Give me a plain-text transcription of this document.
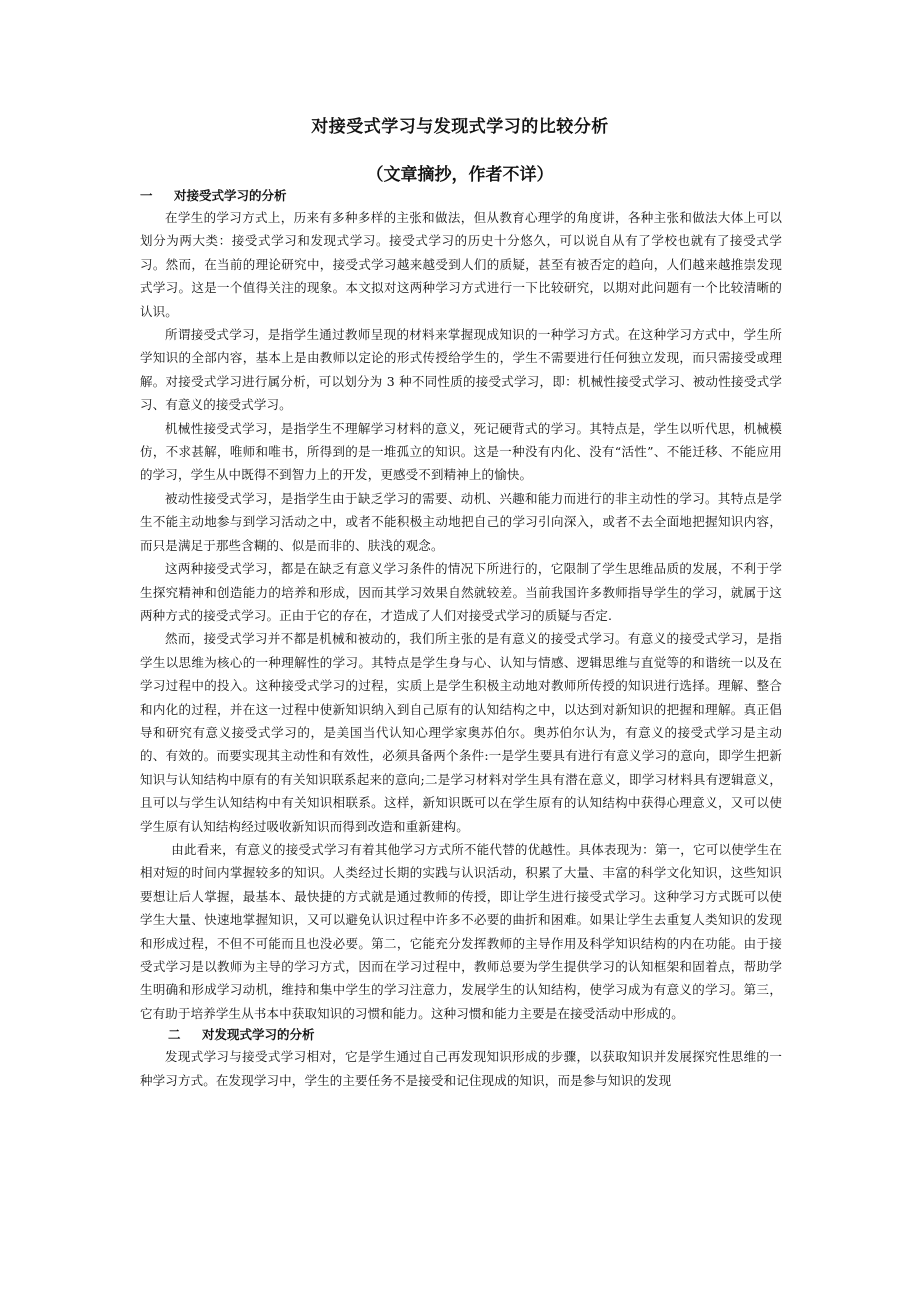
对接受式学习与发现式学习的比较分析
（文章摘抄，作者不详）
一 对接受式学习的分析

在学生的学习方式上，历来有多种多样的主张和做法，但从教育心理学的角度讲，各种主张和做法大体上可以划分为两大类：接受式学习和发现式学习。接受式学习的历史十分悠久，可以说自从有了学校也就有了接受式学习。然而，在当前的理论研究中，接受式学习越来越受到人们的质疑，甚至有被否定的趋向，人们越来越推崇发现式学习。这是一个值得关注的现象。本文拟对这两种学习方式进行一下比较研究，以期对此问题有一个比较清晰的认识。

所谓接受式学习，是指学生通过教师呈现的材料来掌握现成知识的一种学习方式。在这种学习方式中，学生所学知识的全部内容，基本上是由教师以定论的形式传授给学生的，学生不需要进行任何独立发现，而只需接受或理解。对接受式学习进行属分析，可以划分为 3 种不同性质的接受式学习，即：机械性接受式学习、被动性接受式学习、有意义的接受式学习。

机械性接受式学习，是指学生不理解学习材料的意义，死记硬背式的学习。其特点是，学生以听代思，机械模仿，不求甚解，唯师和唯书，所得到的是一堆孤立的知识。这是一种没有内化、没有“活性”、不能迁移、不能应用的学习，学生从中既得不到智力上的开发，更感受不到精神上的愉快。

被动性接受式学习，是指学生由于缺乏学习的需要、动机、兴趣和能力而进行的非主动性的学习。其特点是学生不能主动地参与到学习活动之中，或者不能积极主动地把自己的学习引向深入，或者不去全面地把握知识内容，而只是满足于那些含糊的、似是而非的、肤浅的观念。

这两种接受式学习，都是在缺乏有意义学习条件的情况下所进行的，它限制了学生思维品质的发展，不利于学生探究精神和创造能力的培养和形成，因而其学习效果自然就较差。当前我国许多教师指导学生的学习，就属于这两种方式的接受式学习。正由于它的存在，才造成了人们对接受式学习的质疑与否定.

然而，接受式学习并不都是机械和被动的，我们所主张的是有意义的接受式学习。有意义的接受式学习，是指学生以思维为核心的一种理解性的学习。其特点是学生身与心、认知与情感、逻辑思维与直觉等的和谐统一以及在学习过程中的投入。这种接受式学习的过程，实质上是学生积极主动地对教师所传授的知识进行选择。理解、整合和内化的过程，并在这一过程中使新知识纳入到自己原有的认知结构之中，以达到对新知识的把握和理解。真正倡导和研究有意义接受式学习的，是美国当代认知心理学家奥苏伯尔。奥苏伯尔认为，有意义的接受式学习是主动的、有效的。而要实现其主动性和有效性，必须具备两个条件:一是学生要具有进行有意义学习的意向，即学生把新知识与认知结构中原有的有关知识联系起来的意向;二是学习材料对学生具有潜在意义，即学习材料具有逻辑意义，且可以与学生认知结构中有关知识相联系。这样，新知识既可以在学生原有的认知结构中获得心理意义，又可以使学生原有认知结构经过吸收新知识而得到改造和重新建构。

由此看来，有意义的接受式学习有着其他学习方式所不能代替的优越性。具体表现为：第一，它可以使学生在相对短的时间内掌握较多的知识。人类经过长期的实践与认识活动，积累了大量、丰富的科学文化知识，这些知识要想让后人掌握，最基本、最快捷的方式就是通过教师的传授，即让学生进行接受式学习。这种学习方式既可以使学生大量、快速地掌握知识，又可以避免认识过程中许多不必要的曲折和困难。如果让学生去重复人类知识的发现和形成过程，不但不可能而且也没必要。第二，它能充分发挥教师的主导作用及科学知识结构的内在功能。由于接受式学习是以教师为主导的学习方式，因而在学习过程中，教师总要为学生提供学习的认知框架和固着点，帮助学生明确和形成学习动机，维持和集中学生的学习注意力，发展学生的认知结构，使学习成为有意义的学习。第三，它有助于培养学生从书本中获取知识的习惯和能力。这种习惯和能力主要是在接受活动中形成的。

二 对发现式学习的分析

发现式学习与接受式学习相对，它是学生通过自己再发现知识形成的步骤，以获取知识并发展探究性思维的一种学习方式。在发现学习中，学生的主要任务不是接受和记住现成的知识，而是参与知识的发现
